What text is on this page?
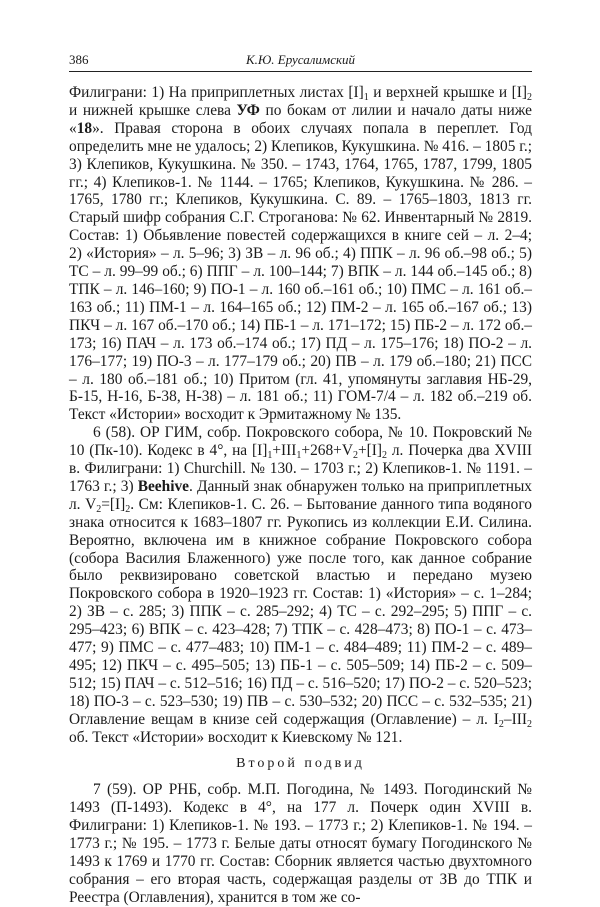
386	К.Ю. Ерусалимский

Филиграни: 1) На приприплетных листах $[I]_1$ и верхней крышке и $[I]_2$ и нижней крышке слева УФ по бокам от лилии и начало даты ниже «18». Правая сторона в обоих случаях попала в переплет. Год определить мне не удалось; 2) Клепиков, Кукушкина. № 416. – 1805 г.; 3) Клепиков, Кукушкина. № 350. – 1743, 1764, 1765, 1787, 1799, 1805 гг.; 4) Клепиков-1. № 1144. – 1765; Клепиков, Кукушкина. № 286. – 1765, 1780 гг.; Клепиков, Кукушкина. С. 89. – 1765–1803, 1813 гг. Старый шифр собрания С.Г. Строганова: № 62. Инвентарный № 2819. Состав: 1) Обьявление повестей содержащихся в книге сей – л. 2–4; 2) «История» – л. 5–96; 3) ЗВ – л. 96 об.; 4) ППК – л. 96 об.–98 об.; 5) ТС – л. 99–99 об.; 6) ППГ – л. 100–144; 7) ВПК – л. 144 об.–145 об.; 8) ТПК – л. 146–160; 9) ПО-1 – л. 160 об.–161 об.; 10) ПМС – л. 161 об.–163 об.; 11) ПМ-1 – л. 164–165 об.; 12) ПМ-2 – л. 165 об.–167 об.; 13) ПКЧ – л. 167 об.–170 об.; 14) ПБ-1 – л. 171–172; 15) ПБ-2 – л. 172 об.–173; 16) ПАЧ – л. 173 об.–174 об.; 17) ПД – л. 175–176; 18) ПО-2 – л. 176–177; 19) ПО-3 – л. 177–179 об.; 20) ПВ – л. 179 об.–180; 21) ПСС – л. 180 об.–181 об.; 10) Притом (гл. 41, упомянуты заглавия НБ-29, Б-15, Н-16, Б-38, Н-38) – л. 181 об.; 11) ГОМ-7/4 – л. 182 об.–219 об. Текст «Истории» восходит к Эрмитажному № 135.

6 (58). ОР ГИМ, собр. Покровского собора, № 10. Покровский № 10 (Пк-10). Кодекс в 4°, на $[I]_1+III_1+268+V_2+[I]_2$ л. Почерка два XVIII в. Филиграни: 1) Churchill. № 130. – 1703 г.; 2) Клепиков-1. № 1191. – 1763 г.; 3) Beehive. Данный знак обнаружен только на приприплетных л. $V_2=[I]_2$. См: Клепиков-1. С. 26. – Бытование данного типа водяного знака относится к 1683–1807 гг. Рукопись из коллекции Е.И. Силина. Вероятно, включена им в книжное собрание Покровского собора (собора Василия Блаженного) уже после того, как данное собрание было реквизировано советской властью и передано музею Покровского собора в 1920–1923 гг. Состав: 1) «История» – с. 1–284; 2) ЗВ – с. 285; 3) ППК – с. 285–292; 4) ТС – с. 292–295; 5) ППГ – с. 295–423; 6) ВПК – с. 423–428; 7) ТПК – с. 428–473; 8) ПО-1 – с. 473–477; 9) ПМС – с. 477–483; 10) ПМ-1 – с. 484–489; 11) ПМ-2 – с. 489–495; 12) ПКЧ – с. 495–505; 13) ПБ-1 – с. 505–509; 14) ПБ-2 – с. 509–512; 15) ПАЧ – с. 512–516; 16) ПД – с. 516–520; 17) ПО-2 – с. 520–523; 18) ПО-3 – с. 523–530; 19) ПВ – с. 530–532; 20) ПСС – с. 532–535; 21) Оглавление вещам в книзе сей содержащия (Оглавление) – л. $I_2-III_2$ об. Текст «Истории» восходит к Киевскому № 121.

Второй подвид

7 (59). ОР РНБ, собр. М.П. Погодина, № 1493. Погодинский № 1493 (П-1493). Кодекс в 4°, на 177 л. Почерк один XVIII в. Филиграни: 1) Клепиков-1. № 193. – 1773 г.; 2) Клепиков-1. № 194. – 1773 г.; № 195. – 1773 г. Белые даты относят бумагу Погодинского № 1493 к 1769 и 1770 гг. Состав: Сборник является частью двухтомного собрания – его вторая часть, содержащая разделы от ЗВ до ТПК и Реестра (Оглавления), хранится в том же со-
